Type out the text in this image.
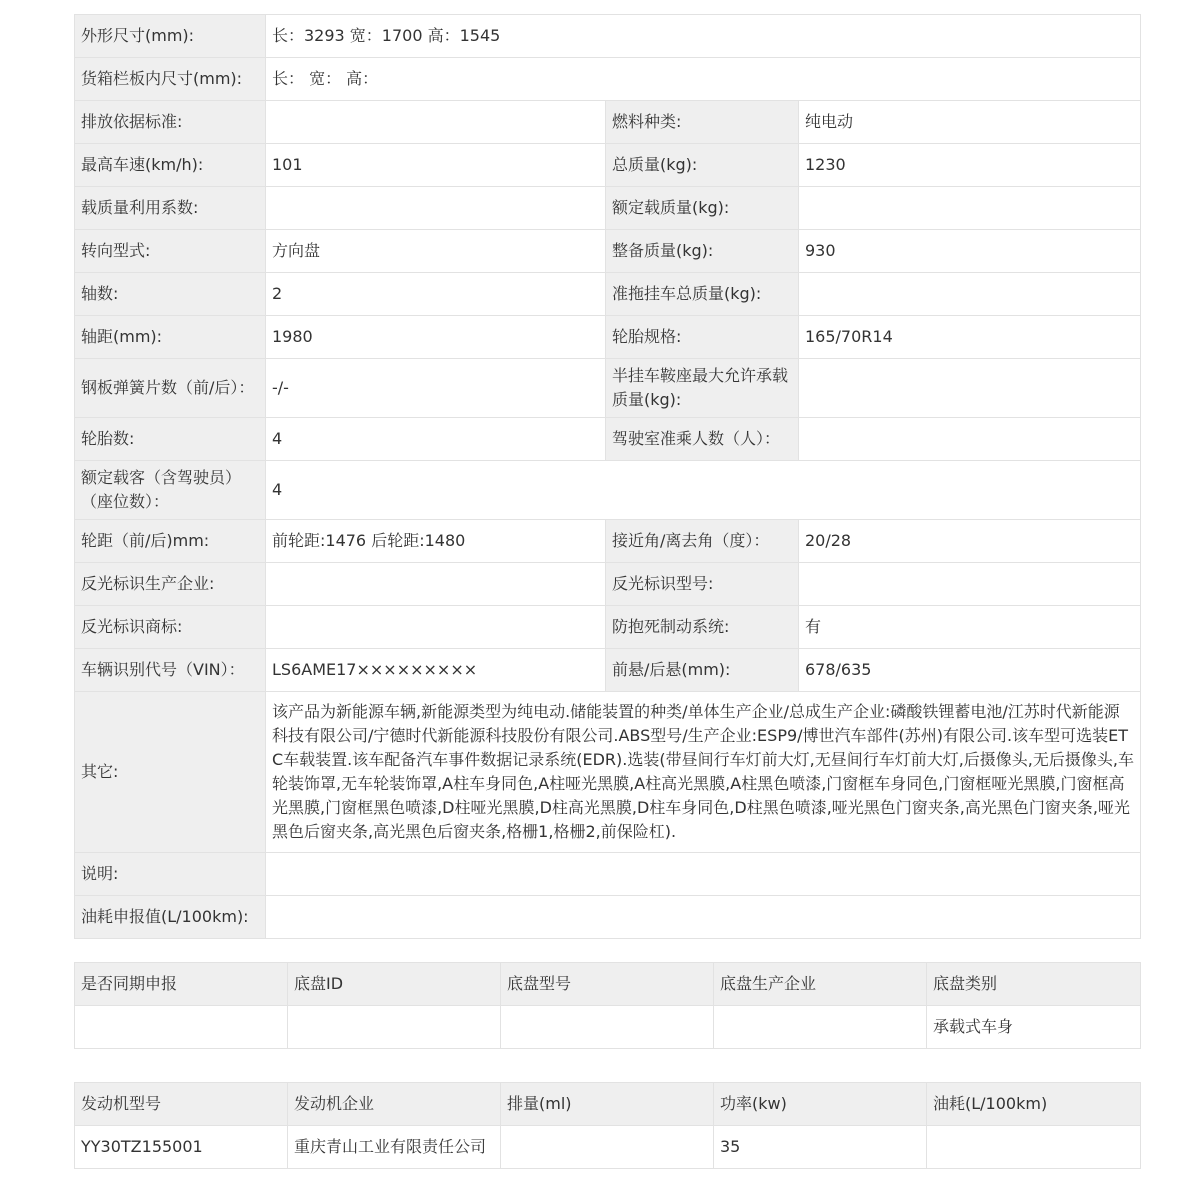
外形尺寸(mm):	长：3293 宽：1700 高：1545		
货箱栏板内尺寸(mm):	长： 宽： 高：		
排放依据标准:		燃料种类:	纯电动
最高车速(km/h):	101	总质量(kg):	1230
载质量利用系数:		额定载质量(kg):	
转向型式:	方向盘	整备质量(kg):	930
轴数:	2	准拖挂车总质量(kg):	
轴距(mm):	1980	轮胎规格:	165/70R14
钢板弹簧片数（前/后）：	-/-	半挂车鞍座最大允许承载质量(kg):	
轮胎数:	4	驾驶室准乘人数（人）：	
额定载客（含驾驶员）（座位数）：	4		
轮距（前/后)mm:	前轮距:1476 后轮距:1480	接近角/离去角（度）：	20/28
反光标识生产企业:		反光标识型号:	
反光标识商标:		防抱死制动系统:	有
车辆识别代号（VIN）：	LS6AME17×××××××××	前悬/后悬(mm):	678/635
其它:	该产品为新能源车辆,新能源类型为纯电动.储能装置的种类/单体生产企业/总成生产企业:磷酸铁锂蓄电池/江苏时代新能源科技有限公司/宁德时代新能源科技股份有限公司.ABS型号/生产企业:ESP9/博世汽车部件(苏州)有限公司.该车型可选装ETC车载装置.该车配备汽车事件数据记录系统(EDR).选装(带昼间行车灯前大灯,无昼间行车灯前大灯,后摄像头,无后摄像头,车轮装饰罩,无车轮装饰罩,A柱车身同色,A柱哑光黑膜,A柱高光黑膜,A柱黑色喷漆,门窗框车身同色,门窗框哑光黑膜,门窗框高光黑膜,门窗框黑色喷漆,D柱哑光黑膜,D柱高光黑膜,D柱车身同色,D柱黑色喷漆,哑光黑色门窗夹条,高光黑色门窗夹条,哑光黑色后窗夹条,高光黑色后窗夹条,格栅1,格栅2,前保险杠).		
说明:			
油耗申报值(L/100km):			
是否同期申报	底盘ID	底盘型号	底盘生产企业	底盘类别
				承载式车身
发动机型号	发动机企业	排量(ml)	功率(kw)	油耗(L/100km)
YY30TZ155001	重庆青山工业有限责任公司		35	
